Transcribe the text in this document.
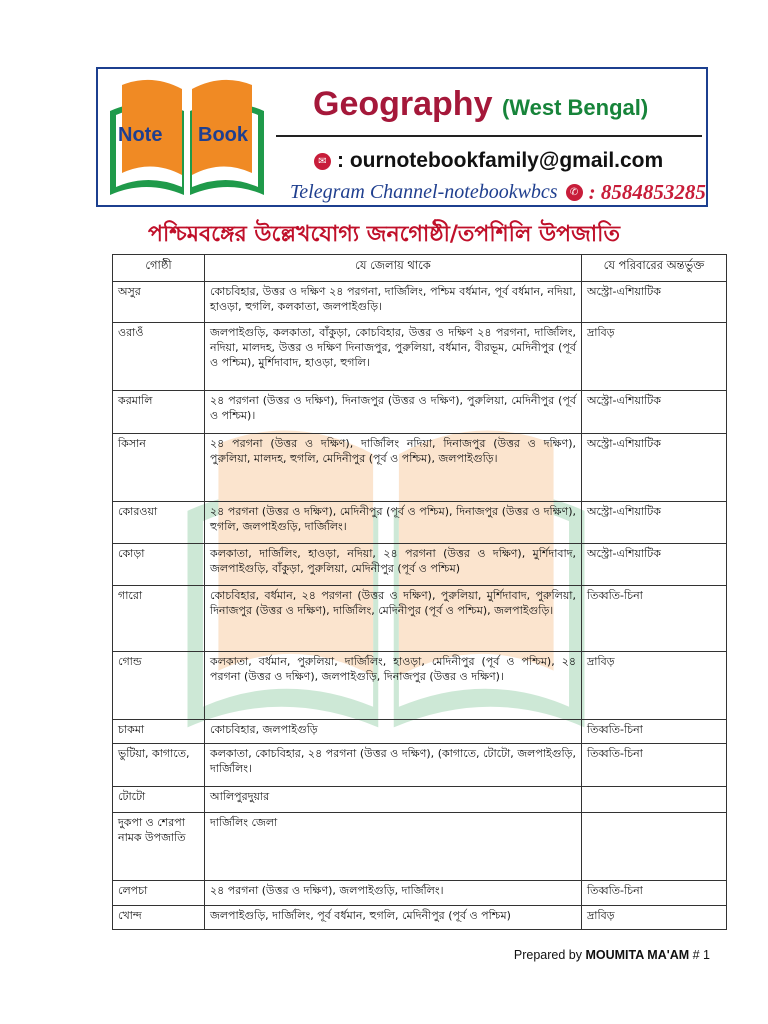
Note Book
Geography (West Bengal)
✉ : ournotebookfamily@gmail.com
Telegram Channel-notebookwbcs	✆ : 8584853285
পশ্চিমবঙ্গের উল্লেখযোগ্য জনগোষ্ঠী/তপশিলি উপজাতি
গোষ্ঠী	যে জেলায় থাকে	যে পরিবারের অন্তর্ভুক্ত
অসুর	কোচবিহার, উত্তর ও দক্ষিণ ২৪ পরগনা, দার্জিলিং, পশ্চিম বর্ধমান, পূর্ব বর্ধমান, নদিয়া, হাওড়া, হুগলি, কলকাতা, জলপাইগুড়ি।	অস্ট্রো-এশিয়াটিক
ওরাওঁ	জলপাইগুড়ি, কলকাতা, বাঁকুড়া, কোচবিহার, উত্তর ও দক্ষিণ ২৪ পরগনা, দার্জিলিং, নদিয়া, মালদহ, উত্তর ও দক্ষিণ দিনাজপুর, পুরুলিয়া, বর্ধমান, বীরভূম, মেদিনীপুর (পূর্ব ও পশ্চিম), মুর্শিদাবাদ, হাওড়া, হুগলি।	দ্রাবিড়
করমালি	২৪ পরগনা (উত্তর ও দক্ষিণ), দিনাজপুর (উত্তর ও দক্ষিণ), পুরুলিয়া, মেদিনীপুর (পূর্ব ও পশ্চিম)।	অস্ট্রো-এশিয়াটিক
কিসান	২৪ পরগনা (উত্তর ও দক্ষিণ), দার্জিলিং নদিয়া, দিনাজপুর (উত্তর ও দক্ষিণ), পুরুলিয়া, মালদহ, হুগলি, মেদিনীপুর (পূর্ব ও পশ্চিম), জলপাইগুড়ি।	অস্ট্রো-এশিয়াটিক
কোরওয়া	২৪ পরগনা (উত্তর ও দক্ষিণ), মেদিনীপুর (পূর্ব ও পশ্চিম), দিনাজপুর (উত্তর ও দক্ষিণ), হুগলি, জলপাইগুড়ি, দার্জিলিং।	অস্ট্রো-এশিয়াটিক
কোড়া	কলকাতা, দার্জিলিং, হাওড়া, নদিয়া, ২৪ পরগনা (উত্তর ও দক্ষিণ), মুর্শিদাবাদ, জলপাইগুড়ি, বাঁকুড়া, পুরুলিয়া, মেদিনীপুর (পূর্ব ও পশ্চিম)	অস্ট্রো-এশিয়াটিক
গারো	কোচবিহার, বর্ধমান, ২৪ পরগনা (উত্তর ও দক্ষিণ), পুরুলিয়া, মুর্শিদাবাদ, পুরুলিয়া, দিনাজপুর (উত্তর ও দক্ষিণ), দার্জিলিং, মেদিনীপুর (পূর্ব ও পশ্চিম), জলপাইগুড়ি।	তিব্বতি-চিনা
গোন্ড	কলকাতা, বর্ধমান, পুরুলিয়া, দার্জিলিং, হাওড়া, মেদিনীপুর (পূর্ব ও পশ্চিম), ২৪ পরগনা (উত্তর ও দক্ষিণ), জলপাইগুড়ি, দিনাজপুর (উত্তর ও দক্ষিণ)।	দ্রাবিড়
চাকমা	কোচবিহার, জলপাইগুড়ি	তিব্বতি-চিনা
ভুটিয়া, কাগাতে,	কলকাতা, কোচবিহার, ২৪ পরগনা (উত্তর ও দক্ষিণ), (কাগাতে, টোটো, জলপাইগুড়ি, দার্জিলিং।	তিব্বতি-চিনা
টোটো	আলিপুরদুয়ার	
দুকপা ও শেরপা নামক উপজাতি	দার্জিলিং জেলা	
লেপচা	২৪ পরগনা (উত্তর ও দক্ষিণ), জলপাইগুড়ি, দার্জিলিং।	তিব্বতি-চিনা
খোন্দ	জলপাইগুড়ি, দার্জিলিং, পূর্ব বর্ধমান, হুগলি, মেদিনীপুর (পূর্ব ও পশ্চিম)	দ্রাবিড়
Prepared by MOUMITA MA'AM # 1
